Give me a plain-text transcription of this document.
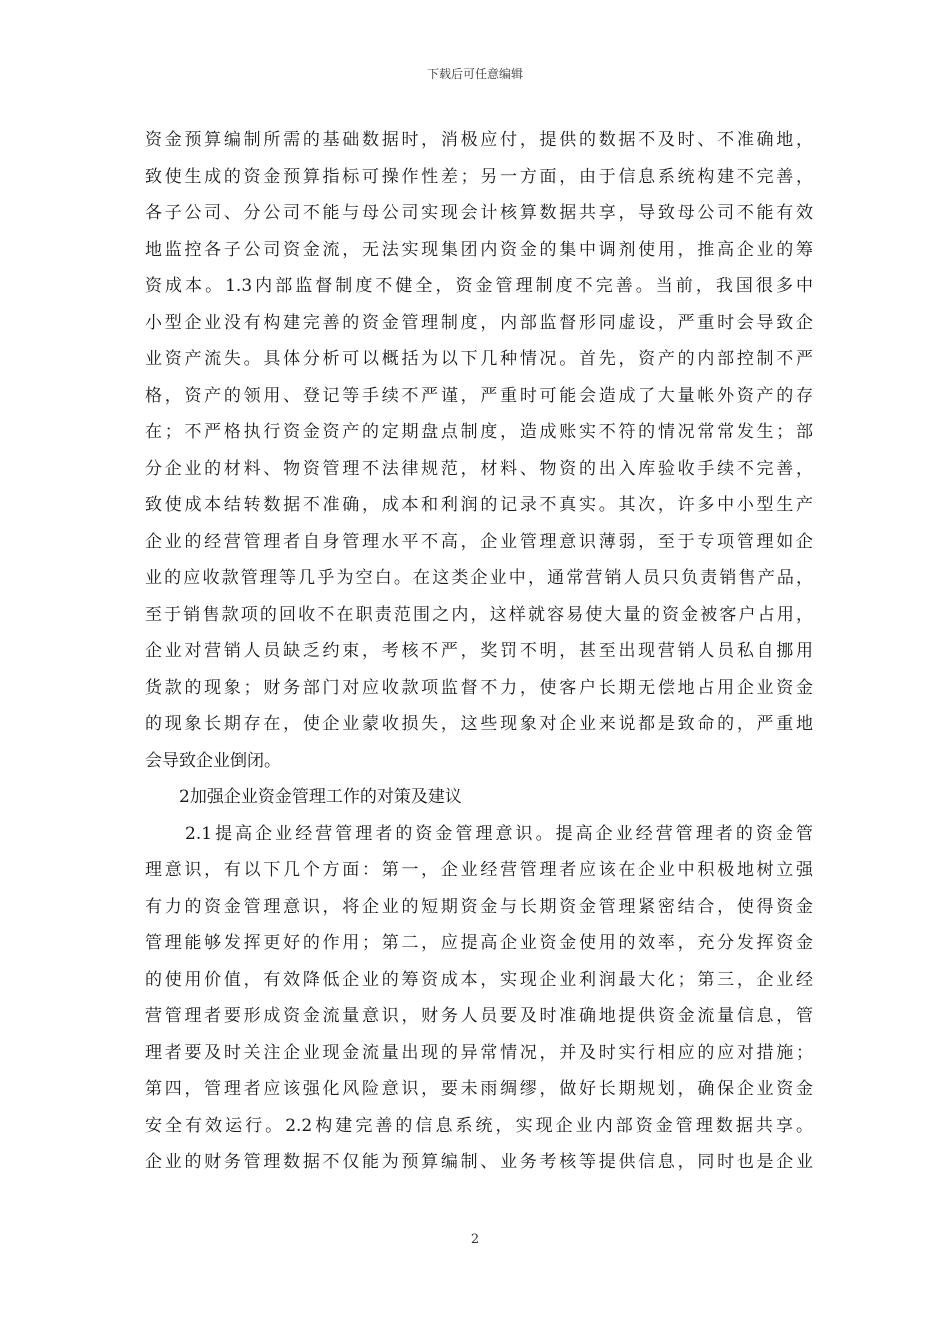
下载后可任意编辑
资金预算编制所需的基础数据时，消极应付，提供的数据不及时、不准确地，
致使生成的资金预算指标可操作性差；另一方面，由于信息系统构建不完善，
各子公司、分公司不能与母公司实现会计核算数据共享，导致母公司不能有效
地监控各子公司资金流，无法实现集团内资金的集中调剂使用，推高企业的筹
资成本。1.3内部监督制度不健全，资金管理制度不完善。当前，我国很多中
小型企业没有构建完善的资金管理制度，内部监督形同虚设，严重时会导致企
业资产流失。具体分析可以概括为以下几种情况。首先，资产的内部控制不严
格，资产的领用、登记等手续不严谨，严重时可能会造成了大量帐外资产的存
在；不严格执行资金资产的定期盘点制度，造成账实不符的情况常常发生；部
分企业的材料、物资管理不法律规范，材料、物资的出入库验收手续不完善，
致使成本结转数据不准确，成本和利润的记录不真实。其次，许多中小型生产
企业的经营管理者自身管理水平不高，企业管理意识薄弱，至于专项管理如企
业的应收款管理等几乎为空白。在这类企业中，通常营销人员只负责销售产品，
至于销售款项的回收不在职责范围之内，这样就容易使大量的资金被客户占用，
企业对营销人员缺乏约束，考核不严，奖罚不明，甚至出现营销人员私自挪用
货款的现象；财务部门对应收款项监督不力，使客户长期无偿地占用企业资金
的现象长期存在，使企业蒙收损失，这些现象对企业来说都是致命的，严重地
会导致企业倒闭。
2加强企业资金管理工作的对策及建议
2.1提高企业经营管理者的资金管理意识。提高企业经营管理者的资金管
理意识，有以下几个方面：第一，企业经营管理者应该在企业中积极地树立强
有力的资金管理意识，将企业的短期资金与长期资金管理紧密结合，使得资金
管理能够发挥更好的作用；第二，应提高企业资金使用的效率，充分发挥资金
的使用价值，有效降低企业的筹资成本，实现企业利润最大化；第三，企业经
营管理者要形成资金流量意识，财务人员要及时准确地提供资金流量信息，管
理者要及时关注企业现金流量出现的异常情况，并及时实行相应的应对措施；
第四，管理者应该强化风险意识，要未雨绸缪，做好长期规划，确保企业资金
安全有效运行。2.2构建完善的信息系统，实现企业内部资金管理数据共享。
企业的财务管理数据不仅能为预算编制、业务考核等提供信息，同时也是企业
2
